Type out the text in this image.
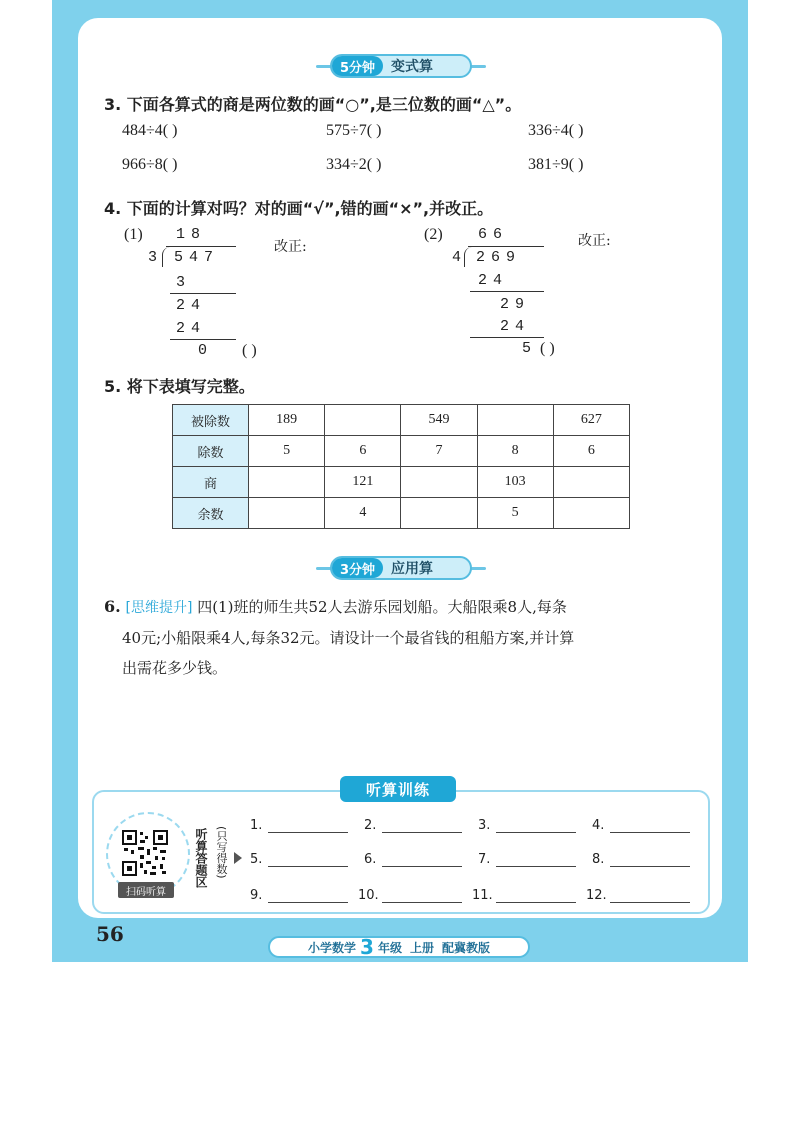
5分钟	变式算
3. 下面各算式的商是两位数的画“○”,是三位数的画“△”。
484÷4( )	575÷7( )	336÷4( )
966÷8( )	334÷2( )	381÷9( )
4. 下面的计算对吗？对的画“√”,错的画“×”,并改正。
(1) 18
3 547
3
24
24
0 ( )
改正:
(2) 66
4 269
24
29
24
5 ( )
改正:
5. 将下表填写完整。
被除数	189		549		627
除数	5	6	7	8	6
商		121		103	
余数		4		5	
3分钟	应用算
6. [思维提升] 四(1)班的师生共52人去游乐园划船。大船限乘8人,每条
40元;小船限乘4人,每条32元。请设计一个最省钱的租船方案,并计算
出需花多少钱。
听算训练
扫码听算
听算答题区 (只写得数)
1.	2.	3.	4.
5.	6.	7.	8.
9.	10.	11.	12.
56
小学数学 3 年级 上册 配冀教版
